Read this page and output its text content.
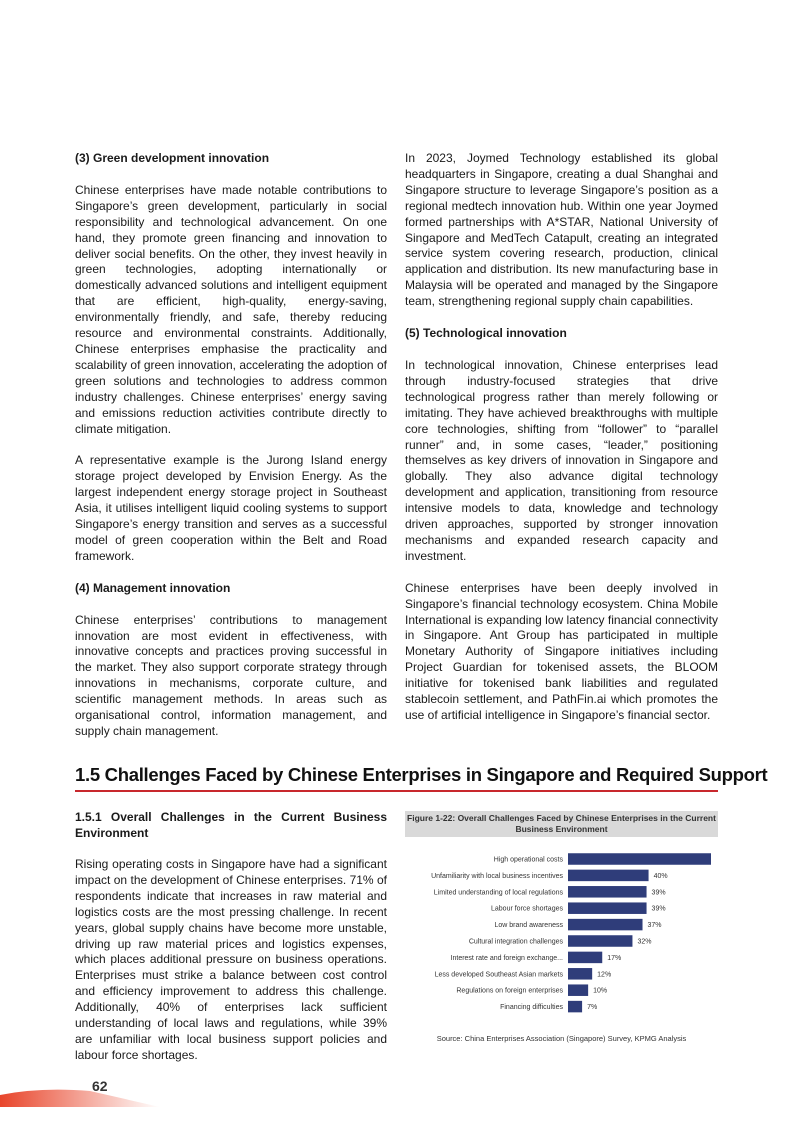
(3) Green development innovation

Chinese enterprises have made notable contributions to Singapore’s green development, particularly in social responsibility and technological advancement. On one hand, they promote green financing and innovation to deliver social benefits. On the other, they invest heavily in green technologies, adopting internationally or domestically advanced solutions and intelligent equipment that are efficient, high-quality, energy-saving, environmentally friendly, and safe, thereby reducing resource and environmental constraints. Additionally, Chinese enterprises emphasise the practicality and scalability of green innovation, accelerating the adoption of green solutions and technologies to address common industry challenges. Chinese enterprises’ energy saving and emissions reduction activities contribute directly to climate mitigation.

A representative example is the Jurong Island energy storage project developed by Envision Energy. As the largest independent energy storage project in Southeast Asia, it utilises intelligent liquid cooling systems to support Singapore’s energy transition and serves as a successful model of green cooperation within the Belt and Road framework.

(4) Management innovation

Chinese enterprises’ contributions to management innovation are most evident in effectiveness, with innovative concepts and practices proving successful in the market. They also support corporate strategy through innovations in mechanisms, corporate culture, and scientific management methods. In areas such as organisational control, information management, and supply chain management.

In 2023, Joymed Technology established its global headquarters in Singapore, creating a dual Shanghai and Singapore structure to leverage Singapore’s position as a regional medtech innovation hub. Within one year Joymed formed partnerships with A*STAR, National University of Singapore and MedTech Catapult, creating an integrated service system covering research, production, clinical application and distribution. Its new manufacturing base in Malaysia will be operated and managed by the Singapore team, strengthening regional supply chain capabilities.

(5) Technological innovation

In technological innovation, Chinese enterprises lead through industry-focused strategies that drive technological progress rather than merely following or imitating. They have achieved breakthroughs with multiple core technologies, shifting from “follower” to “parallel runner” and, in some cases, “leader,” positioning themselves as key drivers of innovation in Singapore and globally. They also advance digital technology development and application, transitioning from resource intensive models to data, knowledge and technology driven approaches, supported by stronger innovation mechanisms and expanded research capacity and investment.

Chinese enterprises have been deeply involved in Singapore’s financial technology ecosystem. China Mobile International is expanding low latency financial connectivity in Singapore. Ant Group has participated in multiple Monetary Authority of Singapore initiatives including Project Guardian for tokenised assets, the BLOOM initiative for tokenised bank liabilities and regulated stablecoin settlement, and PathFin.ai which promotes the use of artificial intelligence in Singapore’s financial sector.

1.5 Challenges Faced by Chinese Enterprises in Singapore and Required Support
1.5.1 Overall Challenges in the Current Business Environment

Rising operating costs in Singapore have had a significant impact on the development of Chinese enterprises. 71% of respondents indicate that increases in raw material and logistics costs are the most pressing challenge. In recent years, global supply chains have become more unstable, driving up raw material prices and logistics expenses, which places additional pressure on business operations. Enterprises must strike a balance between cost control and efficiency improvement to address this challenge. Additionally, 40% of enterprises lack sufficient understanding of local laws and regulations, while 39% are unfamiliar with local business support policies and labour force shortages.

Figure 1-22: Overall Challenges Faced by Chinese Enterprises in the Current Business Environment
High operational costs
Unfamiliarity with local business incentives	40%
Limited understanding of local regulations	39%
Labour force shortages	39%
Low brand awareness	37%
Cultural integration challenges	32%
Interest rate and foreign exchange...	17%
Less developed Southeast Asian markets	12%
Regulations on foreign enterprises	10%
Financing difficulties	7%
Source: China Enterprises Association (Singapore) Survey, KPMG Analysis
62
